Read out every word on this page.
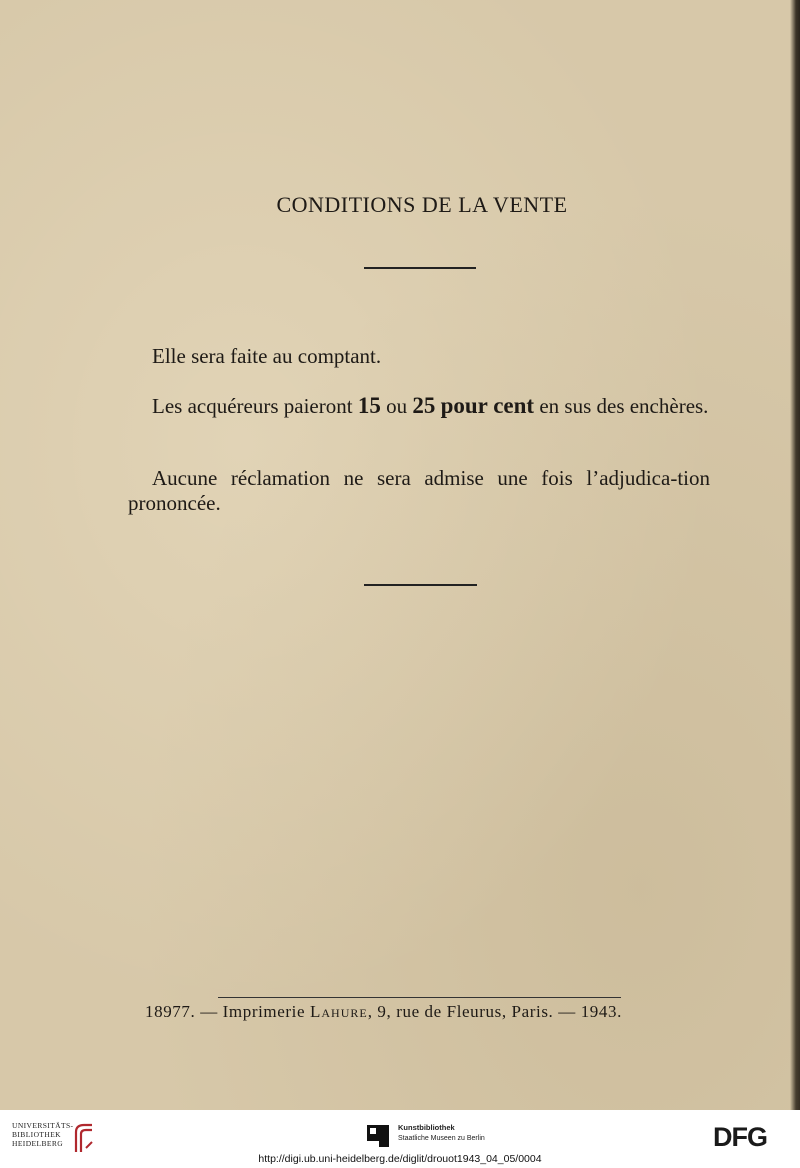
CONDITIONS DE LA VENTE
Elle sera faite au comptant.
Les acquéreurs paieront 15 ou 25 pour cent en sus des enchères.
Aucune réclamation ne sera admise une fois l’adjudica-tion prononcée.
18977. — Imprimerie Lahure, 9, rue de Fleurus, Paris. — 1943.
UNIVERSITÄTS-
BIBLIOTHEK
HEIDELBERG
Kunstbibliothek
Staatliche Museen zu Berlin	DFG
http://digi.ub.uni-heidelberg.de/diglit/drouot1943_04_05/0004
